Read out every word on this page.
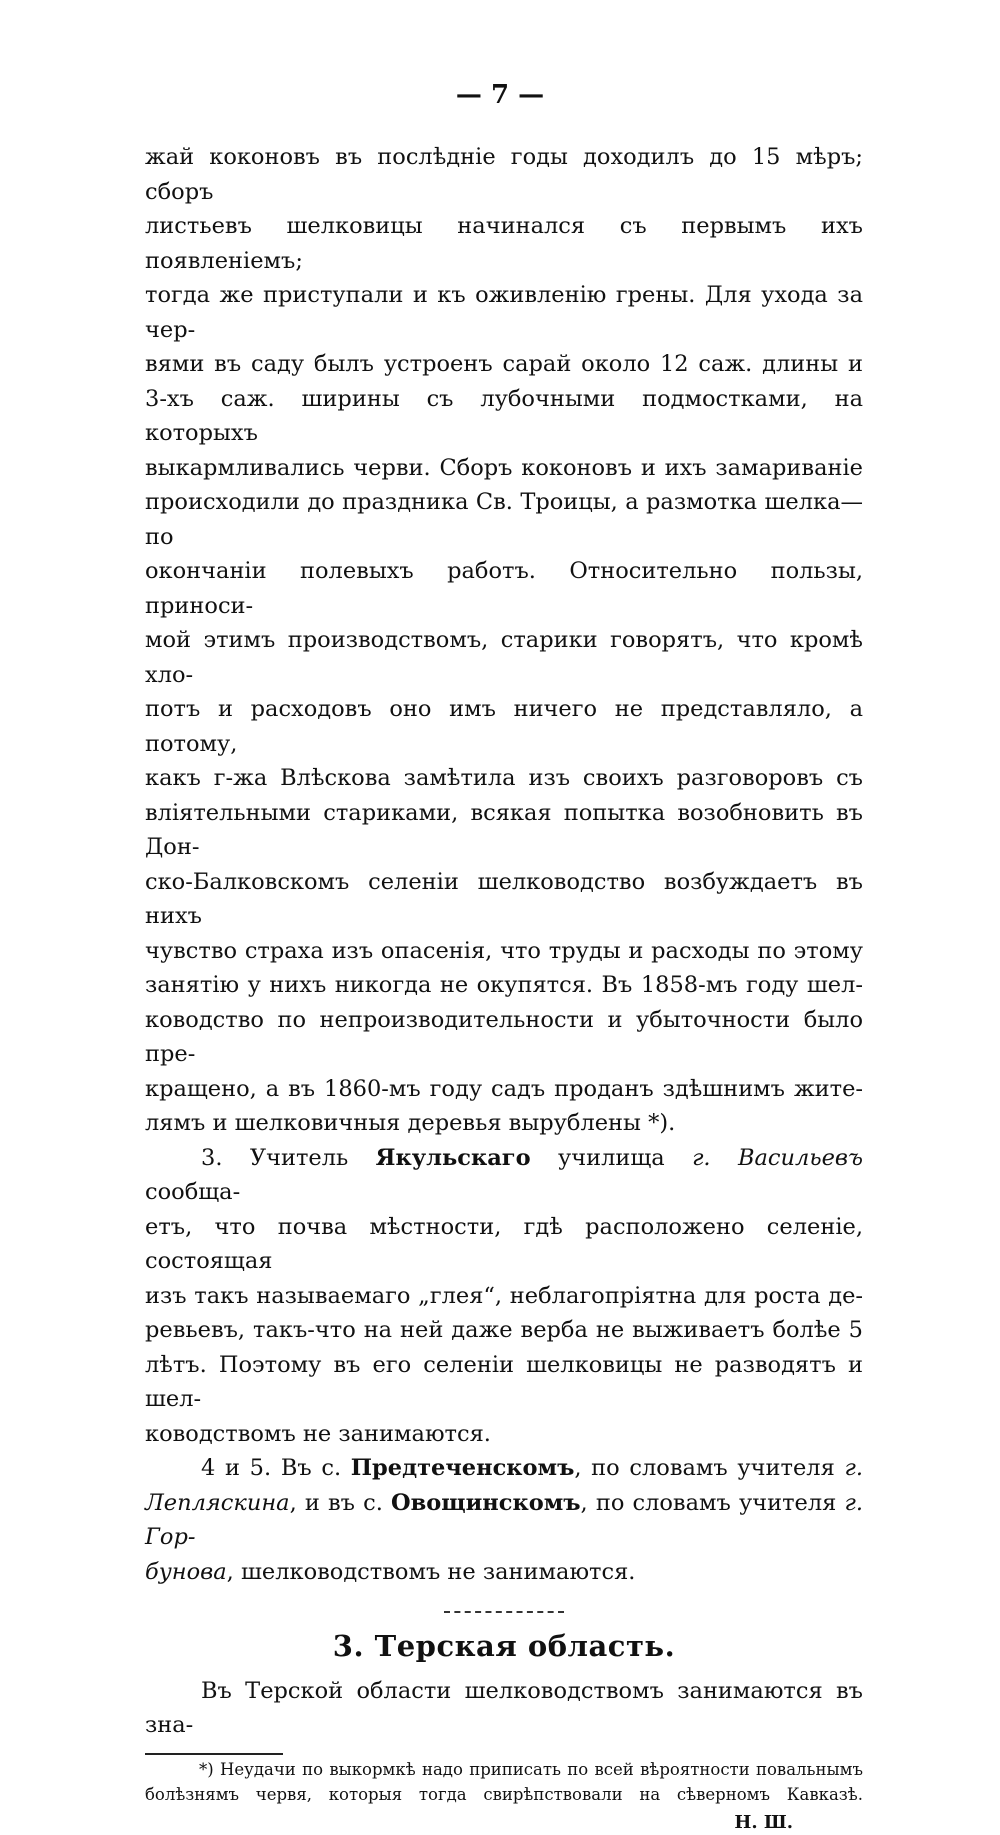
— 7 —

жай коконовъ въ послѣдніе годы доходилъ до 15 мѣръ; сборъ

листьевъ шелковицы начинался съ первымъ ихъ появленіемъ;

тогда же приступали и къ оживленію грены. Для ухода за чер-

вями въ саду былъ устроенъ сарай около 12 саж. длины и

3-хъ саж. ширины съ лубочными подмостками, на которыхъ

выкармливались черви. Сборъ коконовъ и ихъ замариваніе

происходили до праздника Св. Троицы, а размотка шелка—по

окончаніи полевыхъ работъ. Относительно пользы, приноси-

мой этимъ производствомъ, старики говорятъ, что кромѣ хло-

потъ и расходовъ оно имъ ничего не представляло, а потому,

какъ г-жа Влѣскова замѣтила изъ своихъ разговоровъ съ

вліятельными стариками, всякая попытка возобновить въ Дон-

ско-Балковскомъ селеніи шелководство возбуждаетъ въ нихъ

чувство страха изъ опасенія, что труды и расходы по этому

занятію у нихъ никогда не окупятся. Въ 1858-мъ году шел-

ководство по непроизводительности и убыточности было пре-

кращено, а въ 1860-мъ году садъ проданъ здѣшнимъ жите-

лямъ и шелковичныя деревья вырублены *).

3. Учитель Якульскаго училища г. Васильевъ сообща-

етъ, что почва мѣстности, гдѣ расположено селеніе, состоящая

изъ такъ называемаго „глея“, неблагопріятна для роста де-

ревьевъ, такъ-что на ней даже верба не выживаетъ болѣе 5

лѣтъ. Поэтому въ его селеніи шелковицы не разводятъ и шел-

ководствомъ не занимаются.

4 и 5. Въ с. Предтеченскомъ, по словамъ учителя г.

Лепляскина, и въ с. Овощинскомъ, по словамъ учителя г. Гор-

бунова, шелководствомъ не занимаются.

3. Терская область.

Въ Терской области шелководствомъ занимаются въ зна-

*) Неудачи по выкормкѣ надо приписать по всей вѣроятности повальнымъ

болѣзнямъ червя, которыя тогда свирѣпствовали на сѣверномъ Кавказѣ.

Н. Ш.
